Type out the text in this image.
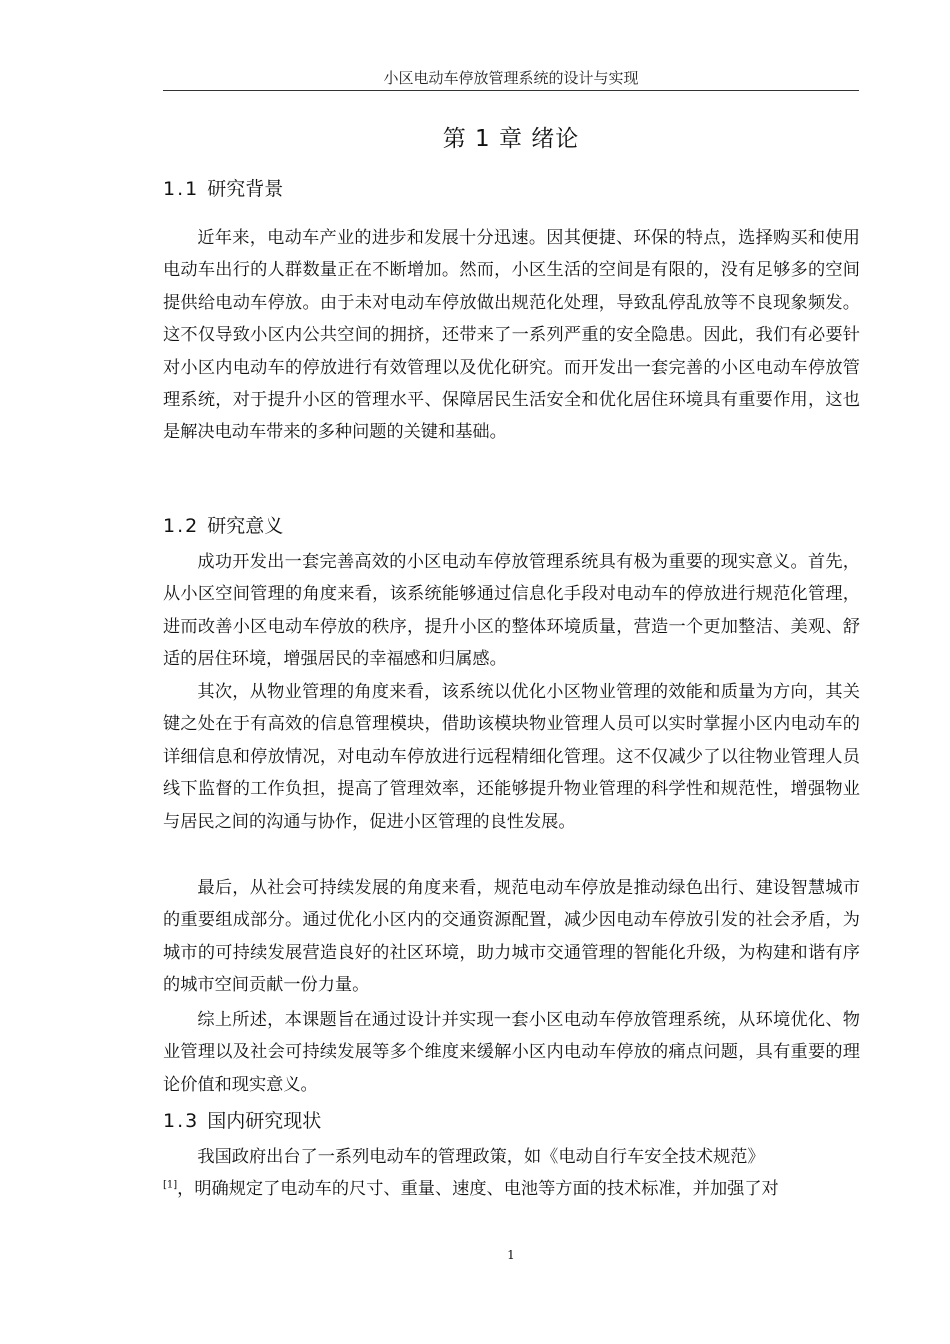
小区电动车停放管理系统的设计与实现
第 1 章 绪论
1.1 研究背景

近年来，电动车产业的进步和发展十分迅速。因其便捷、环保的特点，选择购买和使用电动车出行的人群数量正在不断增加。然而，小区生活的空间是有限的，没有足够多的空间提供给电动车停放。由于未对电动车停放做出规范化处理，导致乱停乱放等不良现象频发。这不仅导致小区内公共空间的拥挤，还带来了一系列严重的安全隐患。因此，我们有必要针对小区内电动车的停放进行有效管理以及优化研究。而开发出一套完善的小区电动车停放管理系统，对于提升小区的管理水平、保障居民生活安全和优化居住环境具有重要作用，这也是解决电动车带来的多种问题的关键和基础。

1.2 研究意义

成功开发出一套完善高效的小区电动车停放管理系统具有极为重要的现实意义。首先，从小区空间管理的角度来看，该系统能够通过信息化手段对电动车的停放进行规范化管理，进而改善小区电动车停放的秩序，提升小区的整体环境质量，营造一个更加整洁、美观、舒适的居住环境，增强居民的幸福感和归属感。

其次，从物业管理的角度来看，该系统以优化小区物业管理的效能和质量为方向，其关键之处在于有高效的信息管理模块，借助该模块物业管理人员可以实时掌握小区内电动车的详细信息和停放情况，对电动车停放进行远程精细化管理。这不仅减少了以往物业管理人员线下监督的工作负担，提高了管理效率，还能够提升物业管理的科学性和规范性，增强物业与居民之间的沟通与协作，促进小区管理的良性发展。

最后，从社会可持续发展的角度来看，规范电动车停放是推动绿色出行、建设智慧城市的重要组成部分。通过优化小区内的交通资源配置，减少因电动车停放引发的社会矛盾，为城市的可持续发展营造良好的社区环境，助力城市交通管理的智能化升级，为构建和谐有序的城市空间贡献一份力量。

综上所述，本课题旨在通过设计并实现一套小区电动车停放管理系统，从环境优化、物业管理以及社会可持续发展等多个维度来缓解小区内电动车停放的痛点问题，具有重要的理论价值和现实意义。

1.3 国内研究现状

我国政府出台了一系列电动车的管理政策，如《电动自行车安全技术规范》

[1]，明确规定了电动车的尺寸、重量、速度、电池等方面的技术标准，并加强了对

1
